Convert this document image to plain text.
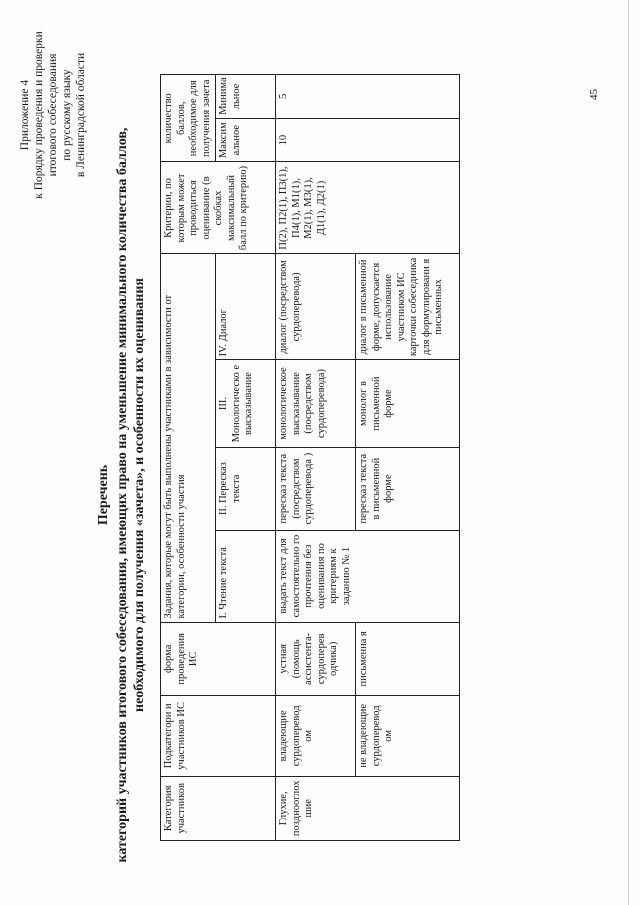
Приложение 4 к Порядку проведения и проверки итогового собеседования по русскому языку в Ленинградской области
Перечень категорий участников итогового собеседования, имеющих право на уменьшение минимального количества баллов, необходимого для получения «зачета», и особенности их оценивания
Категория участников	Подкатегори и участников ИС	форма проведения ИС	Задания, которые могут быть выполнены участниками в зависимости от категории, особенности участия				Критерии, по которым может проводиться оценивание (в скобках максимальный балл по критерию)	количество баллов, необходимое для получения зачета	
			I. Чтение текста	II. Пересказ текста	III. Монологическо е высказывание	IV. Диалог		Максим альное	Минима льное
Глухие, позднооглох шие	владеющие сурдоперевод ом	устная (помощь ассистента-сурдоперев одчика)	выдать текст для самостоятельно го прочтения без оценивания по критериям к заданию № 1	пересказ текста (посредством сурдоперевода )	монологическое высказывание (посредством сурдоперевода)	диалог (посредством сурдоперевода)	П(2), П2(1), П3(1), П4(1), М1(1), М2(1), М3(1), Д1(1), Д2(1)	10	5
	не владеющие сурдоперевод ом	письменна я		пересказ текста в письменной форме	монолог в письменной форме	диалог в письменной форме, допускается использование участником ИС карточки собеседника для формулировани я письменных			
45
